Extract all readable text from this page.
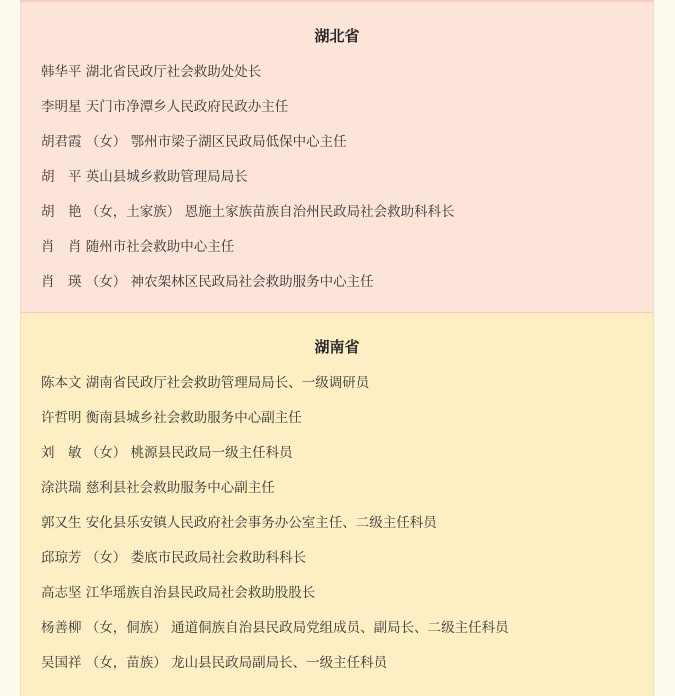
湖北省
韩华平 湖北省民政厅社会救助处处长
李明星 天门市净潭乡人民政府民政办主任
胡君霞 （女） 鄂州市梁子湖区民政局低保中心主任
胡　平 英山县城乡救助管理局局长
胡　艳 （女，土家族） 恩施土家族苗族自治州民政局社会救助科科长
肖　肖 随州市社会救助中心主任
肖　瑛 （女） 神农架林区民政局社会救助服务中心主任
湖南省
陈本文 湖南省民政厅社会救助管理局局长、一级调研员
许哲明 衡南县城乡社会救助服务中心副主任
刘　敏 （女） 桃源县民政局一级主任科员
涂洪瑞 慈利县社会救助服务中心副主任
郭又生 安化县乐安镇人民政府社会事务办公室主任、二级主任科员
邱琼芳 （女） 娄底市民政局社会救助科科长
高志坚 江华瑶族自治县民政局社会救助股股长
杨善柳 （女，侗族） 通道侗族自治县民政局党组成员、副局长、二级主任科员
吴国祥 （女，苗族） 龙山县民政局副局长、一级主任科员
